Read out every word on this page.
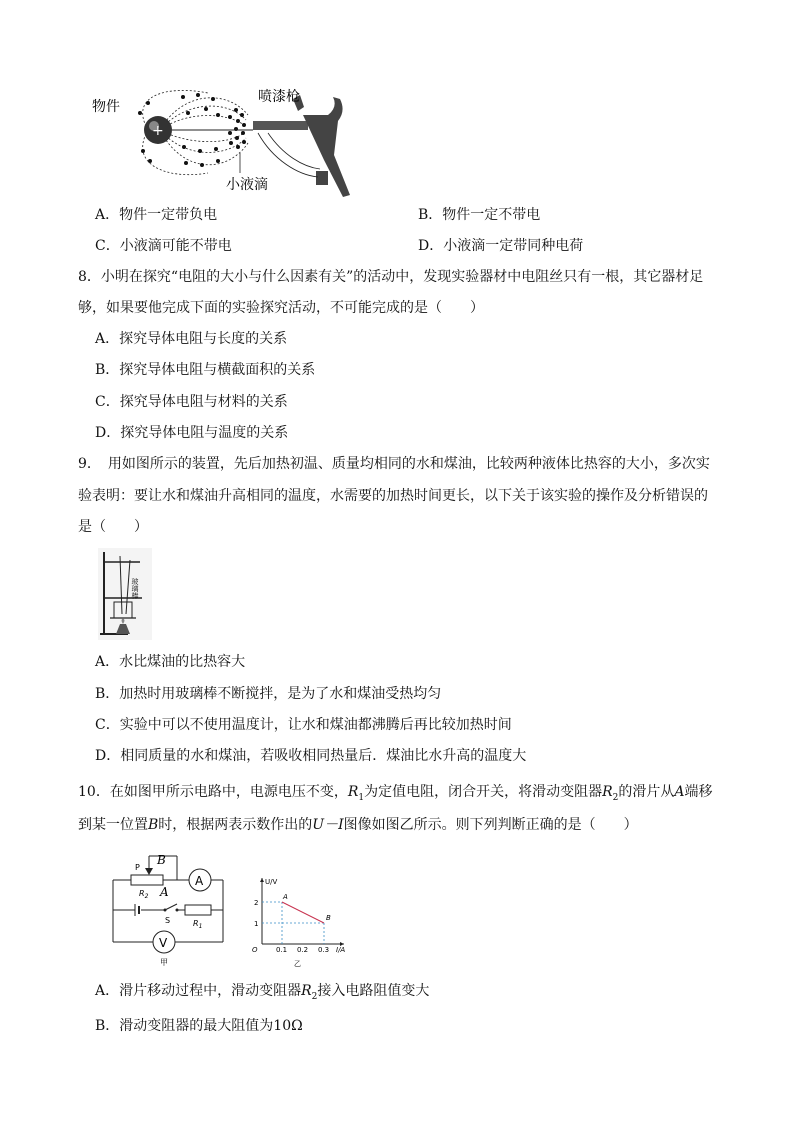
+
物件
喷漆枪
小液滴
A．物件一定带负电	B．物件一定不带电
C．小液滴可能不带电	D．小液滴一定带同种电荷
8．小明在探究“电阻的大小与什么因素有关”的活动中，发现实验器材中电阻丝只有一根，其它器材足
够，如果要他完成下面的实验探究活动，不可能完成的是（　　）
A．探究导体电阻与长度的关系
B．探究导体电阻与横截面积的关系
C．探究导体电阻与材料的关系
D．探究导体电阻与温度的关系
9．　用如图所示的装置，先后加热初温、质量均相同的水和煤油，比较两种液体比热容的大小，多次实
验表明：要让水和煤油升高相同的温度，水需要的加热时间更长，以下关于该实验的操作及分析错误的
是（　　）
玻璃棒
A．水比煤油的比热容大
B．加热时用玻璃棒不断搅拌，是为了水和煤油受热均匀
C．实验中可以不使用温度计，让水和煤油都沸腾后再比较加热时间
D．相同质量的水和煤油，若吸收相同热量后．煤油比水升高的温度大
10．在如图甲所示电路中，电源电压不变，$R_1$为定值电阻，闭合开关，将滑动变阻器$R_2$的滑片从A端移
到某一位置B时，根据两表示数作出的U－I图像如图乙所示。则下列判断正确的是（　　）
A
V
P
B
A
$R_2$
$R_1$
S
甲
U/V
I/A
O
2
1
0.1 0.2 0.3
A
B
乙
A．滑片移动过程中，滑动变阻器$R_2$接入电路阻值变大
B．滑动变阻器的最大阻值为10Ω
